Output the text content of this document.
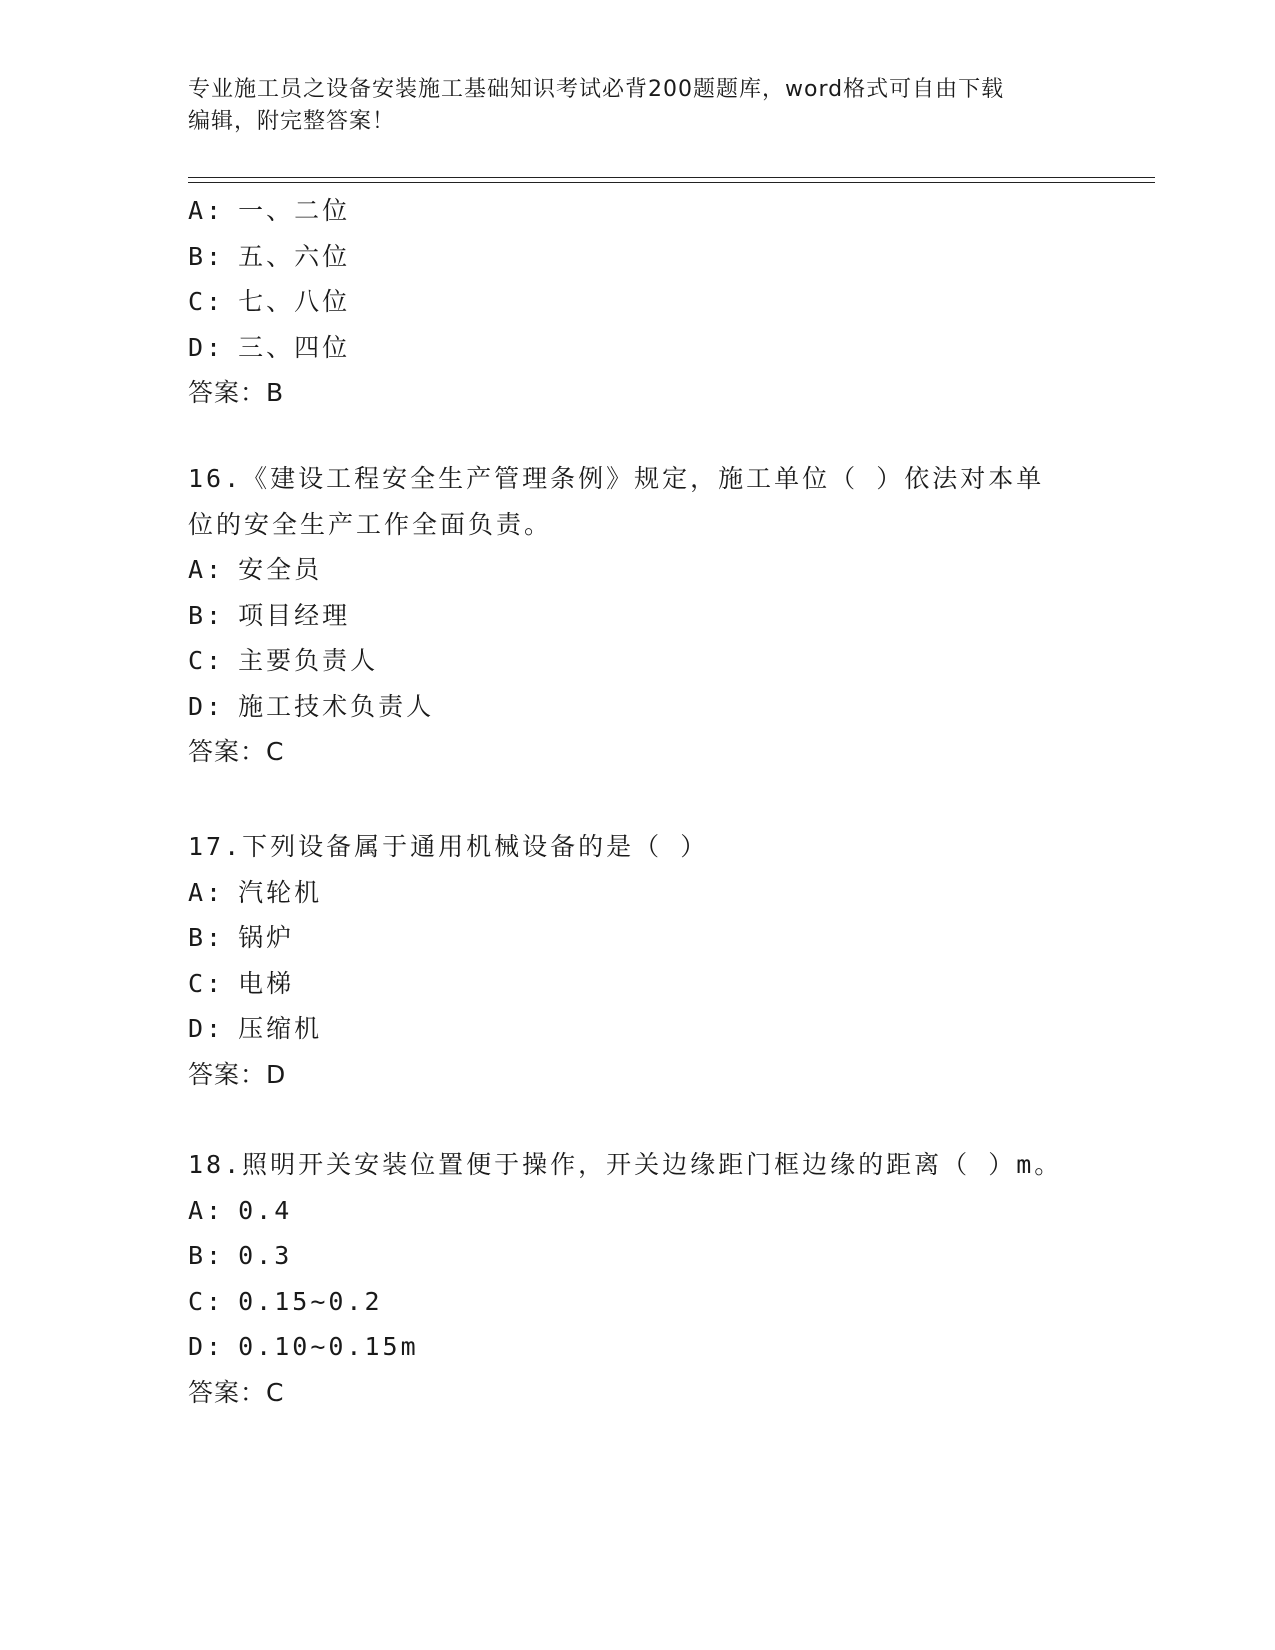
专业施工员之设备安装施工基础知识考试必背200题题库，word格式可自由下载
编辑，附完整答案！
A: 一、二位
B: 五、六位
C: 七、八位
D: 三、四位
答案：B
16.《建设工程安全生产管理条例》规定，施工单位（ ）依法对本单
位的安全生产工作全面负责。
A: 安全员
B: 项目经理
C: 主要负责人
D: 施工技术负责人
答案：C
17.下列设备属于通用机械设备的是（ ）
A: 汽轮机
B: 锅炉
C: 电梯
D: 压缩机
答案：D
18.照明开关安装位置便于操作，开关边缘距门框边缘的距离（ ）m。
A: 0.4
B: 0.3
C: 0.15~0.2
D: 0.10~0.15m
答案：C
